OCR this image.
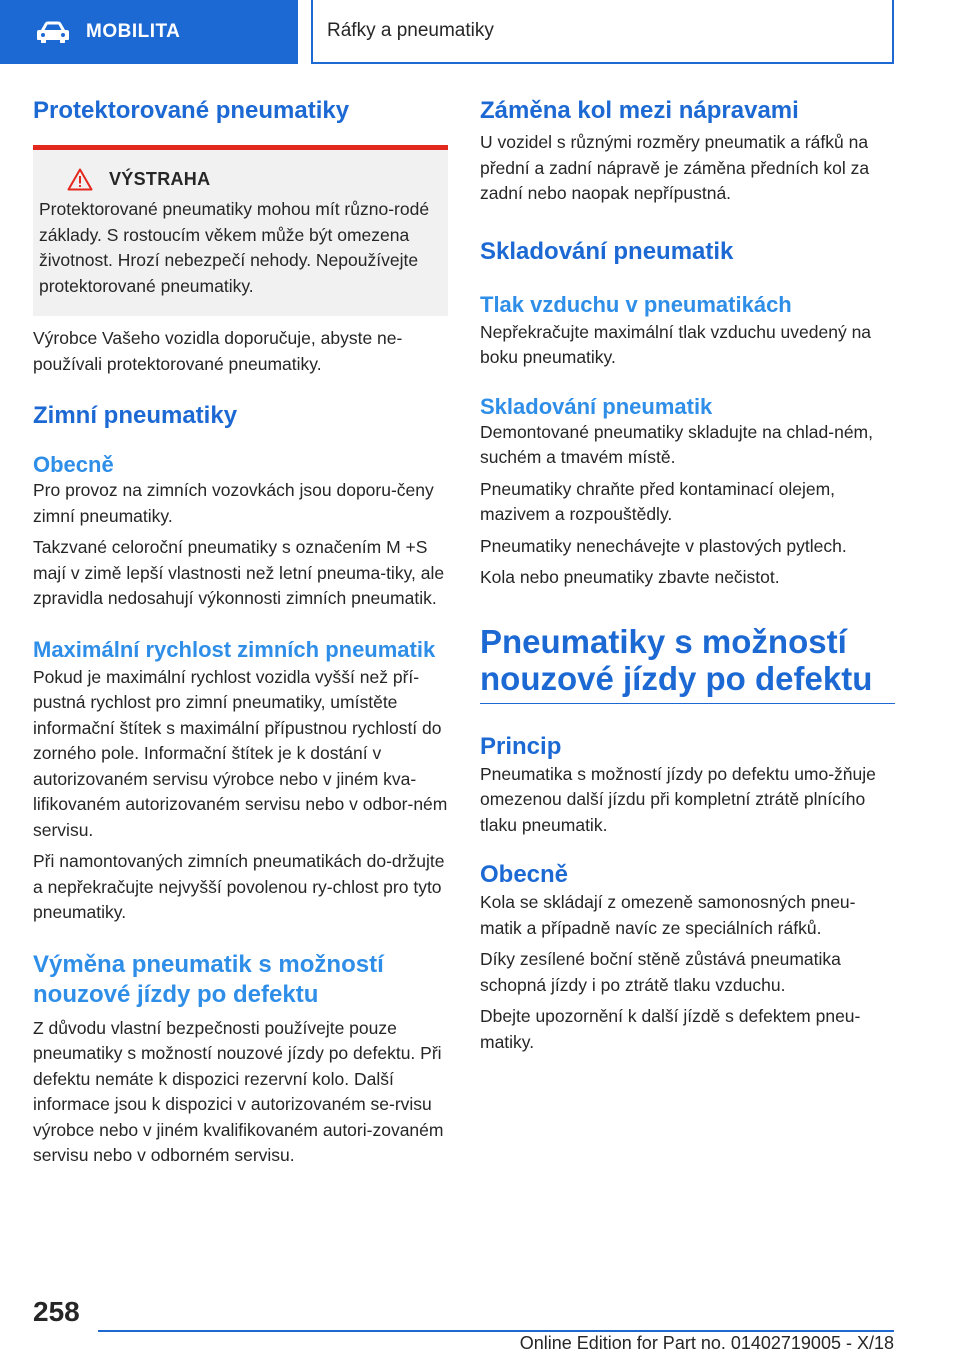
MOBILITA	Ráfky a pneumatiky
Protektorované pneumatiky
VÝSTRAHA

Protektorované pneumatiky mohou mít různo‐rodé základy. S rostoucím věkem může být omezena životnost. Hrozí nebezpečí nehody. Nepoužívejte protektorované pneumatiky.

Výrobce Vašeho vozidla doporučuje, abyste ne‐používali protektorované pneumatiky.

Zimní pneumatiky
Obecně

Pro provoz na zimních vozovkách jsou doporu‐čeny zimní pneumatiky.

Takzvané celoroční pneumatiky s označením M +S mají v zimě lepší vlastnosti než letní pneuma‐tiky, ale zpravidla nedosahují výkonnosti zimních pneumatik.

Maximální rychlost zimních pneumatik

Pokud je maximální rychlost vozidla vyšší než pří‐pustná rychlost pro zimní pneumatiky, umístěte informační štítek s maximální přípustnou rychlostí do zorného pole. Informační štítek je k dostání v autorizovaném servisu výrobce nebo v jiném kva‐lifikovaném autorizovaném servisu nebo v odbor‐ném servisu.

Při namontovaných zimních pneumatikách do‐držujte a nepřekračujte nejvyšší povolenou ry‐chlost pro tyto pneumatiky.

Výměna pneumatik s možností nouzové jízdy po defektu

Z důvodu vlastní bezpečnosti používejte pouze pneumatiky s možností nouzové jízdy po defektu. Při defektu nemáte k dispozici rezervní kolo. Další informace jsou k dispozici v autorizovaném se‐rvisu výrobce nebo v jiném kvalifikovaném autori‐zovaném servisu nebo v odborném servisu.

Záměna kol mezi nápravami

U vozidel s různými rozměry pneumatik a ráfků na přední a zadní nápravě je záměna předních kol za zadní nebo naopak nepřípustná.

Skladování pneumatik
Tlak vzduchu v pneumatikách

Nepřekračujte maximální tlak vzduchu uvedený na boku pneumatiky.

Skladování pneumatik

Demontované pneumatiky skladujte na chlad‐ném, suchém a tmavém místě.

Pneumatiky chraňte před kontaminací olejem, mazivem a rozpouštědly.

Pneumatiky nenechávejte v plastových pytlech.

Kola nebo pneumatiky zbavte nečistot.

Pneumatiky s možností nouzové jízdy po defektu
Princip

Pneumatika s možností jízdy po defektu umo‐žňuje omezenou další jízdu při kompletní ztrátě plnícího tlaku pneumatik.

Obecně

Kola se skládají z omezeně samonosných pneu‐matik a případně navíc ze speciálních ráfků.

Díky zesílené boční stěně zůstává pneumatika schopná jízdy i po ztrátě tlaku vzduchu.

Dbejte upozornění k další jízdě s defektem pneu‐matiky.

258
Online Edition for Part no. 01402719005 - X/18
